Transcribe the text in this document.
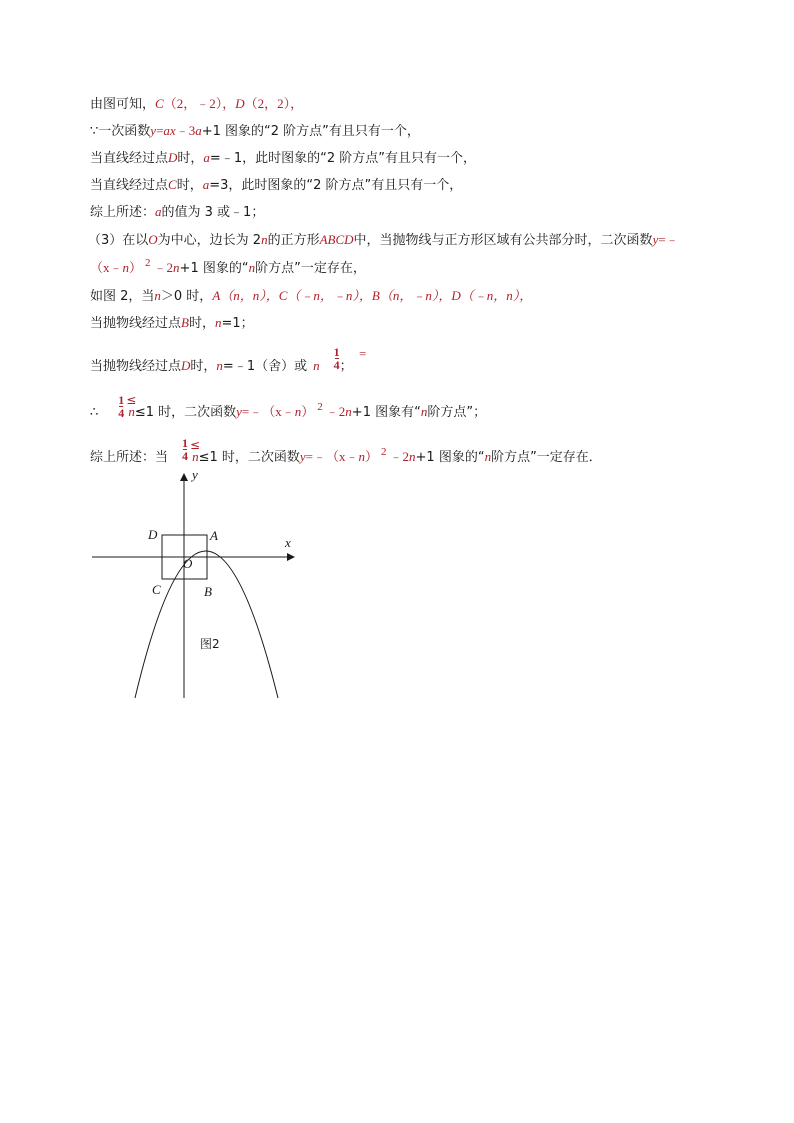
由图可知，C（2，﹣2），D（2，2），
∵一次函数y=ax﹣3a+1 图象的“2 阶方点”有且只有一个，
当直线经过点D时，a=﹣1，此时图象的“2 阶方点”有且只有一个，
当直线经过点C时，a=3，此时图象的“2 阶方点”有且只有一个，
综上所述：a的值为 3 或﹣1；
（3）在以O为中心，边长为 2n的正方形ABCD中，当抛物线与正方形区域有公共部分时，二次函数y=﹣
（x﹣n） $^2$ ﹣2n+1 图象的“n阶方点”一定存在，
如图 2，当n＞0 时，A（n，n），C（﹣n，﹣n），B（n，﹣n），D（﹣n，n），
当抛物线经过点B时，n=1；
当抛物线经过点D时，n=﹣1（舍）或 n $\frac{1}{4}$ ；
=
∴ $\frac{1}{4} \le n\le 1$ 时，二次函数y=﹣（x﹣n） $^2$ ﹣2n+1 图象有“n阶方点”；
综上所述：当 $\frac{1}{4} \le n\le 1$ 时，二次函数y=﹣（x﹣n） $^2$ ﹣2n+1 图象的“n阶方点”一定存在．
y
x
D	A
O
C	B
图2
